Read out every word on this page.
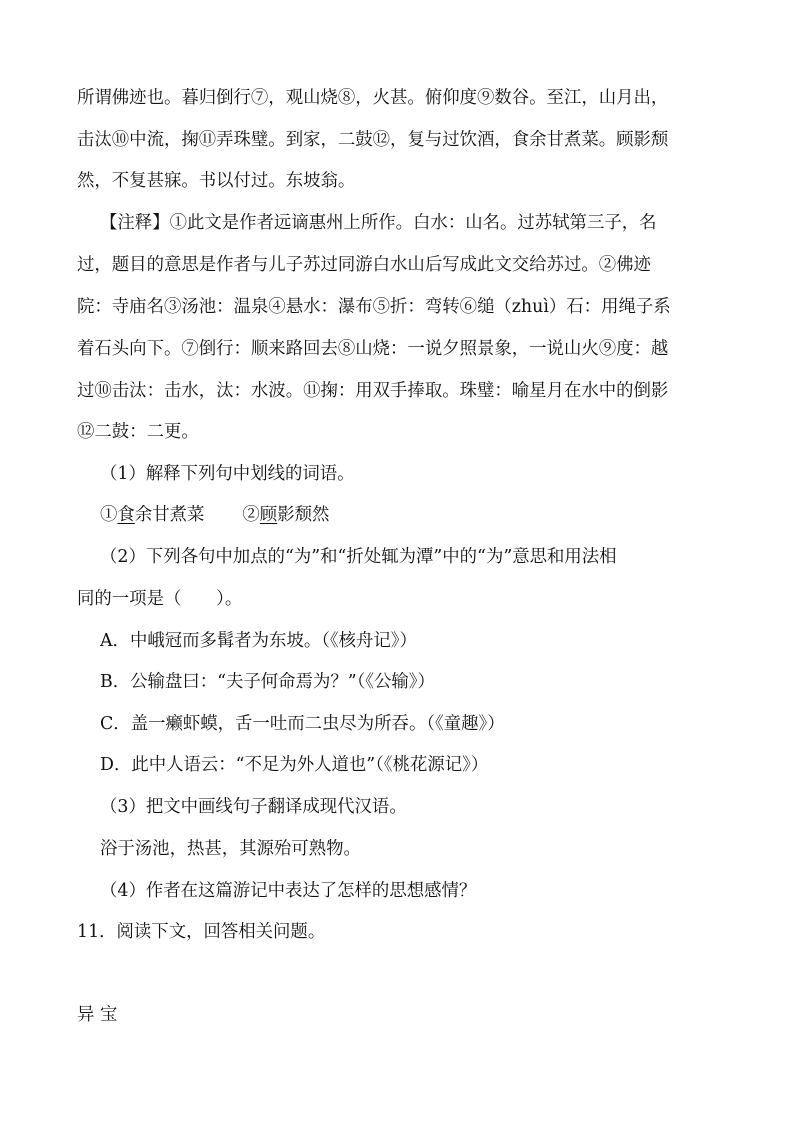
所谓佛迹也。暮归倒行⑦，观山烧⑧，火甚。俯仰度⑨数谷。至江，山月出，
击汰⑩中流，掬⑪弄珠璧。到家，二鼓⑫，复与过饮酒，食余甘煮菜。顾影颓
然，不复甚寐。书以付过。东坡翁。
【注释】①此文是作者远谪惠州上所作。白水：山名。过苏轼第三子，名
过，题目的意思是作者与儿子苏过同游白水山后写成此文交给苏过。②佛迹
院：寺庙名③汤池：温泉④悬水：瀑布⑤折：弯转⑥缒（zhuì）石：用绳子系
着石头向下。⑦倒行：顺来路回去⑧山烧：一说夕照景象，一说山火⑨度：越
过⑩击汰：击水，汰：水波。⑪掬：用双手捧取。珠璧：喻星月在水中的倒影
⑫二鼓：二更。
（1）解释下列句中划线的词语。
①食余甘煮菜 ②顾影颓然
（2）下列各句中加点的“为”和“折处辄为潭”中的“为”意思和用法相
同的一项是（　　）。
A．中峨冠而多髯者为东坡。（《核舟记》）
B．公输盘曰：“夫子何命焉为？”（《公输》）
C．盖一癞虾蟆，舌一吐而二虫尽为所吞。（《童趣》）
D．此中人语云：“不足为外人道也”（《桃花源记》）
（3）把文中画线句子翻译成现代汉语。
浴于汤池，热甚，其源殆可熟物。
（4）作者在这篇游记中表达了怎样的思想感情？
11．阅读下文，回答相关问题。
异 宝
